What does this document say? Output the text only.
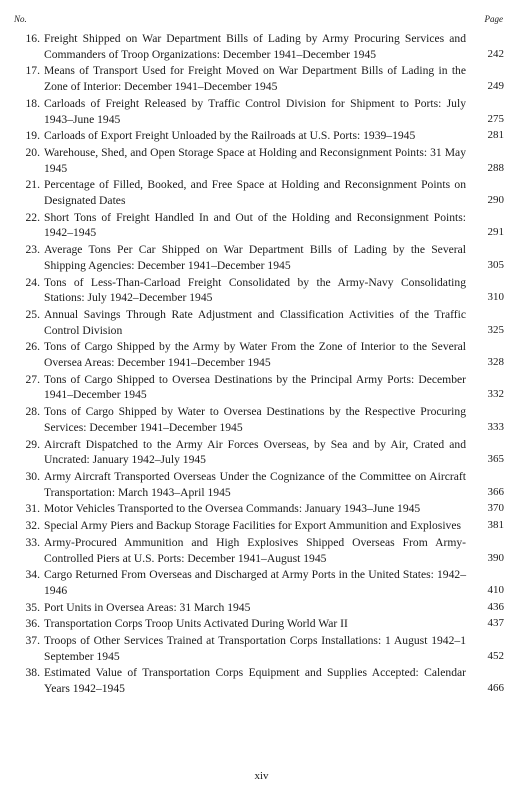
No.	Page
16. Freight Shipped on War Department Bills of Lading by Army Procuring Services and Commanders of Troop Organizations: December 1941–December 1945	242
17. Means of Transport Used for Freight Moved on War Department Bills of Lading in the Zone of Interior: December 1941–December 1945	249
18. Carloads of Freight Released by Traffic Control Division for Shipment to Ports: July 1943–June 1945	275
19. Carloads of Export Freight Unloaded by the Railroads at U.S. Ports: 1939–1945	281
20. Warehouse, Shed, and Open Storage Space at Holding and Reconsignment Points: 31 May 1945	288
21. Percentage of Filled, Booked, and Free Space at Holding and Reconsignment Points on Designated Dates	290
22. Short Tons of Freight Handled In and Out of the Holding and Reconsignment Points: 1942–1945	291
23. Average Tons Per Car Shipped on War Department Bills of Lading by the Several Shipping Agencies: December 1941–December 1945	305
24. Tons of Less-Than-Carload Freight Consolidated by the Army-Navy Consolidating Stations: July 1942–December 1945	310
25. Annual Savings Through Rate Adjustment and Classification Activities of the Traffic Control Division	325
26. Tons of Cargo Shipped by the Army by Water From the Zone of Interior to the Several Oversea Areas: December 1941–December 1945	328
27. Tons of Cargo Shipped to Oversea Destinations by the Principal Army Ports: December 1941–December 1945	332
28. Tons of Cargo Shipped by Water to Oversea Destinations by the Respective Procuring Services: December 1941–December 1945	333
29. Aircraft Dispatched to the Army Air Forces Overseas, by Sea and by Air, Crated and Uncrated: January 1942–July 1945	365
30. Army Aircraft Transported Overseas Under the Cognizance of the Committee on Aircraft Transportation: March 1943–April 1945	366
31. Motor Vehicles Transported to the Oversea Commands: January 1943–June 1945	370
32. Special Army Piers and Backup Storage Facilities for Export Ammunition and Explosives	381
33. Army-Procured Ammunition and High Explosives Shipped Overseas From Army-Controlled Piers at U.S. Ports: December 1941–August 1945	390
34. Cargo Returned From Overseas and Discharged at Army Ports in the United States: 1942–1946	410
35. Port Units in Oversea Areas: 31 March 1945	436
36. Transportation Corps Troop Units Activated During World War II	437
37. Troops of Other Services Trained at Transportation Corps Installations: 1 August 1942–1 September 1945	452
38. Estimated Value of Transportation Corps Equipment and Supplies Accepted: Calendar Years 1942–1945	466
xiv
